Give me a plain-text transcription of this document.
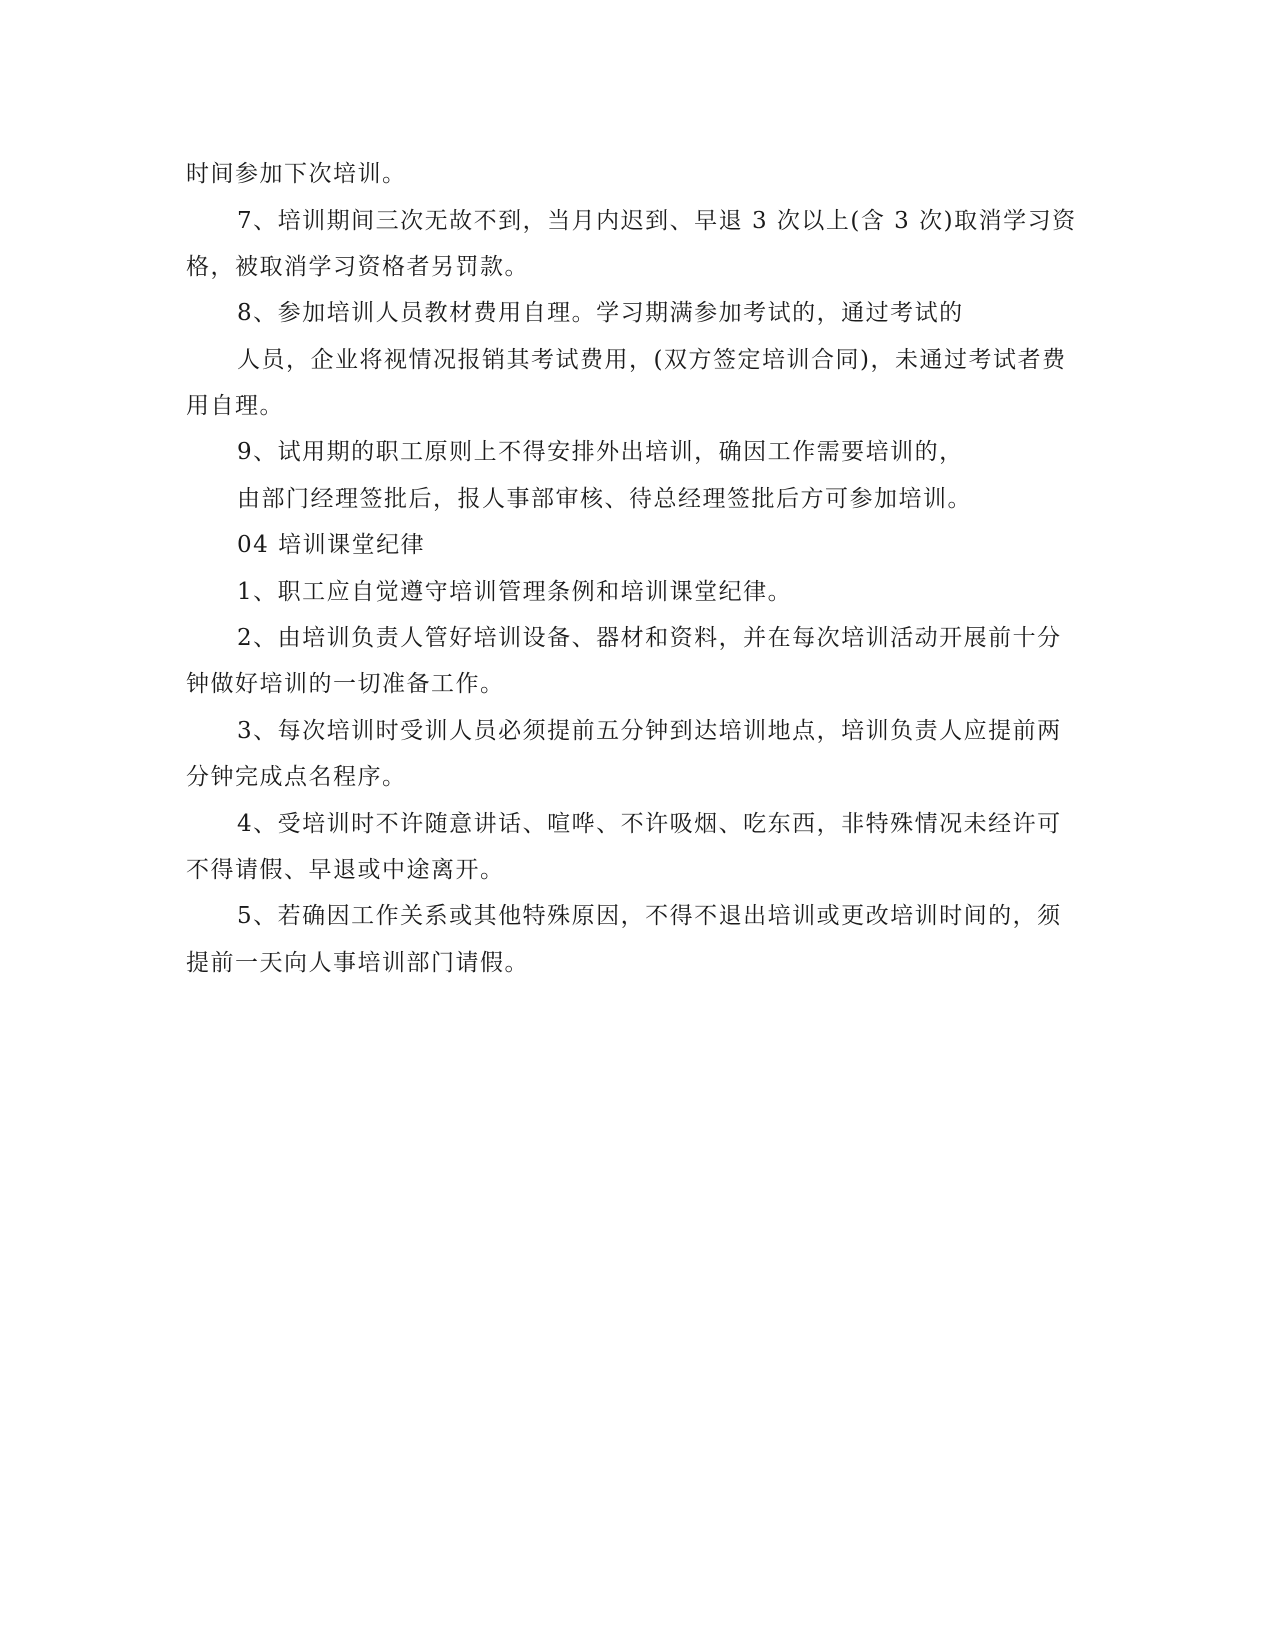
时间参加下次培训。
7、培训期间三次无故不到，当月内迟到、早退 3 次以上(含 3 次)取消学习资
格，被取消学习资格者另罚款。
8、参加培训人员教材费用自理。学习期满参加考试的，通过考试的
人员，企业将视情况报销其考试费用，(双方签定培训合同)，未通过考试者费
用自理。
9、试用期的职工原则上不得安排外出培训，确因工作需要培训的，
由部门经理签批后，报人事部审核、待总经理签批后方可参加培训。
04 培训课堂纪律
1、职工应自觉遵守培训管理条例和培训课堂纪律。
2、由培训负责人管好培训设备、器材和资料，并在每次培训活动开展前十分
钟做好培训的一切准备工作。
3、每次培训时受训人员必须提前五分钟到达培训地点，培训负责人应提前两
分钟完成点名程序。
4、受培训时不许随意讲话、喧哗、不许吸烟、吃东西，非特殊情况未经许可
不得请假、早退或中途离开。
5、若确因工作关系或其他特殊原因，不得不退出培训或更改培训时间的，须
提前一天向人事培训部门请假。
